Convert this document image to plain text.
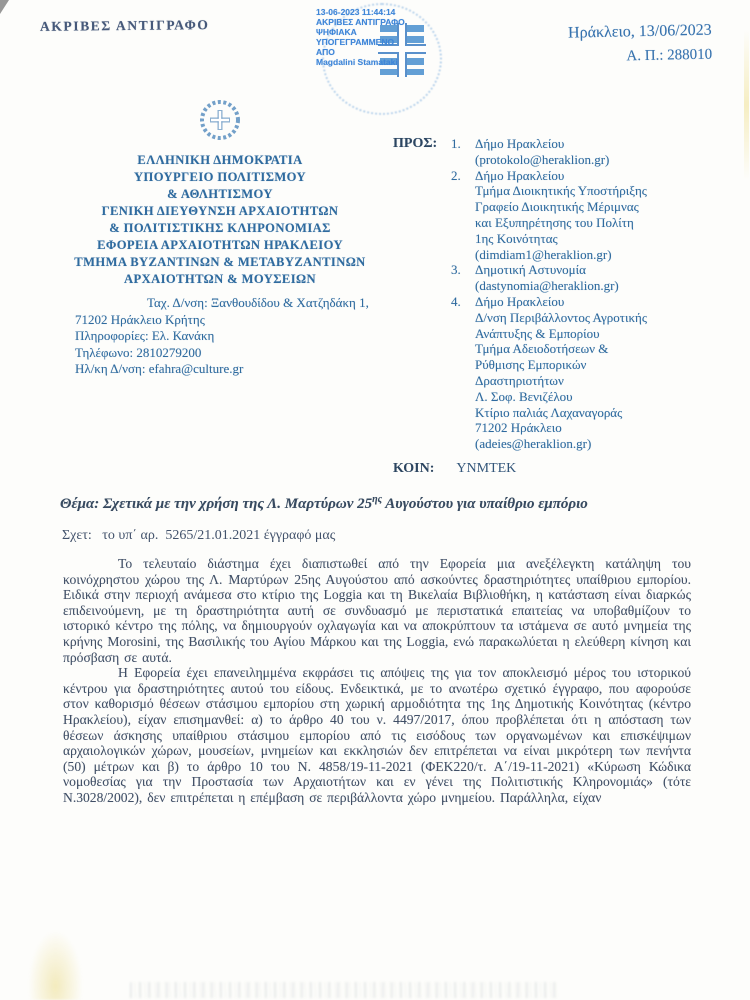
ΑΚΡΙΒΕΣ ΑΝΤΙΓΡΑΦΟ
13-06-2023 11:44:14
ΑΚΡΙΒΕΣ ΑΝΤΙΓΡΑΦΟ
ΨΗΦΙΑΚΑ
ΥΠΟΓΕΓΡΑΜΜΕΝΟ
ΑΠΟ
Magdalini Stamataki
Ηράκλειο, 13/06/2023
Α. Π.: 288010
ΕΛΛΗΝΙΚΗ ΔΗΜΟΚΡΑΤΙΑ
ΥΠΟΥΡΓΕΙΟ ΠΟΛΙΤΙΣΜΟΥ
& ΑΘΛΗΤΙΣΜΟΥ
ΓΕΝΙΚΗ ΔΙΕΥΘΥΝΣΗ ΑΡΧΑΙΟΤΗΤΩΝ
& ΠΟΛΙΤΙΣΤΙΚΗΣ ΚΛΗΡΟΝΟΜΙΑΣ
ΕΦΟΡΕΙΑ ΑΡΧΑΙΟΤΗΤΩΝ ΗΡΑΚΛΕΙΟΥ
ΤΜΗΜΑ ΒΥΖΑΝΤΙΝΩΝ & ΜΕΤΑΒΥΖΑΝΤΙΝΩΝ
ΑΡΧΑΙΟΤΗΤΩΝ & ΜΟΥΣΕΙΩΝ
Ταχ. Δ/νση: Ξανθουδίδου & Χατζηδάκη 1,
71202 Ηράκλειο Κρήτης
Πληροφορίες: Ελ. Κανάκη
Τηλέφωνο: 2810279200
Ηλ/κη Δ/νση: efahra@culture.gr
ΠΡΟΣ:	1.	Δήμο Ηρακλείου
(protokolo@heraklion.gr)
2.	Δήμο Ηρακλείου
Τμήμα Διοικητικής Υποστήριξης
Γραφείο Διοικητικής Μέριμνας
και Εξυπηρέτησης του Πολίτη
1ης Κοινότητας
(dimdiam1@heraklion.gr)
3.	Δημοτική Αστυνομία
(dastynomia@heraklion.gr)
4.	Δήμο Ηρακλείου
Δ/νση Περιβάλλοντος Αγροτικής
Ανάπτυξης & Εμπορίου
Τμήμα Αδειοδοτήσεων &
Ρύθμισης Εμπορικών
Δραστηριοτήτων
Λ. Σοφ. Βενιζέλου
Κτίριο παλιάς Λαχαναγοράς
71202 Ηράκλειο
(adeies@heraklion.gr)
ΚΟΙΝ: ΥΝΜΤΕΚ
Θέμα: Σχετικά με την χρήση της Λ. Μαρτύρων $25^{\eta\varsigma}$ Αυγούστου για υπαίθριο εμπόριο
Σχετ:   το υπ΄ αρ.  5265/21.01.2021 έγγραφό μας

Το τελευταίο διάστημα έχει διαπιστωθεί από την Εφορεία μια ανεξέλεγκτη κατάληψη του κοινόχρηστου χώρου της Λ. Μαρτύρων 25ης Αυγούστου από ασκούντες δραστηριότητες υπαίθριου εμπορίου. Ειδικά στην περιοχή ανάμεσα στο κτίριο της Loggia και τη Βικελαία Βιβλιοθήκη, η κατάσταση είναι διαρκώς επιδεινούμενη, με τη δραστηριότητα αυτή σε συνδυασμό με περιστατικά επαιτείας να υποβαθμίζουν το ιστορικό κέντρο της πόλης, να δημιουργούν οχλαγωγία και να αποκρύπτουν τα ιστάμενα σε αυτό μνημεία της κρήνης Morosini, της Βασιλικής του Αγίου Μάρκου και της Loggia, ενώ παρακωλύεται η ελεύθερη κίνηση και πρόσβαση σε αυτά.

Η Εφορεία έχει επανειλημμένα εκφράσει τις απόψεις της για τον αποκλεισμό μέρος του ιστορικού κέντρου για δραστηριότητες αυτού του είδους. Ενδεικτικά, με το ανωτέρω σχετικό έγγραφο, που αφορούσε στον καθορισμό θέσεων στάσιμου εμπορίου στη χωρική αρμοδιότητα της 1ης Δημοτικής Κοινότητας (κέντρο Ηρακλείου), είχαν επισημανθεί: α) το άρθρο 40 του ν. 4497/2017, όπου προβλέπεται ότι η απόσταση των θέσεων άσκησης υπαίθριου στάσιμου εμπορίου από τις εισόδους των οργανωμένων και επισκέψιμων αρχαιολογικών χώρων, μουσείων, μνημείων και εκκλησιών δεν επιτρέπεται να είναι μικρότερη των πενήντα (50) μέτρων και β) το άρθρο 10 του Ν. 4858/19-11-2021 (ΦΕΚ220/τ. Α΄/19-11-2021) «Κύρωση Κώδικα νομοθεσίας για την Προστασία των Αρχαιοτήτων και εν γένει της Πολιτιστικής Κληρονομιάς» (τότε Ν.3028/2002), δεν επιτρέπεται η επέμβαση σε περιβάλλοντα χώρο μνημείου. Παράλληλα, είχαν
